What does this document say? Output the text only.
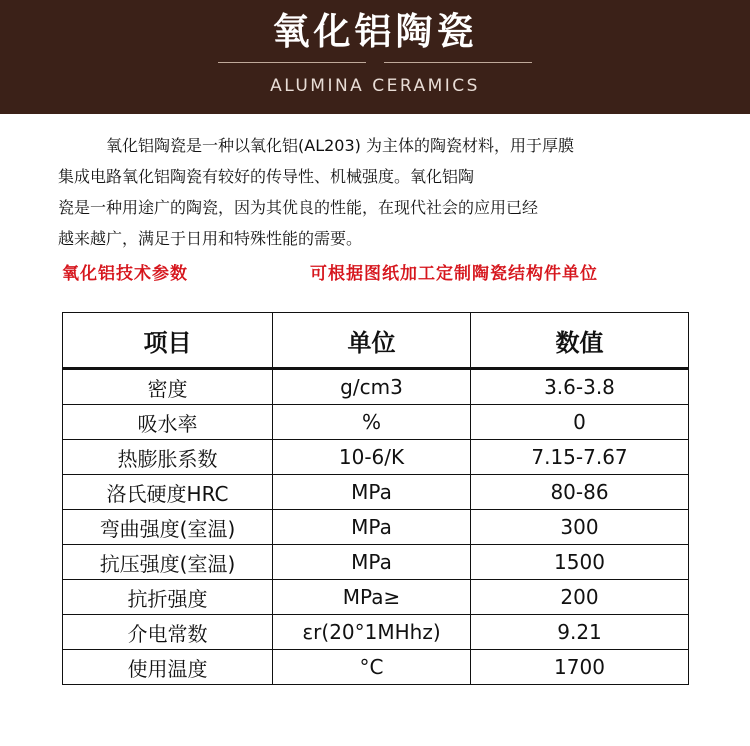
氧化铝陶瓷
ALUMINA CERAMICS

氧化铝陶瓷是一种以氧化铝(AL203) 为主体的陶瓷材料，用于厚膜

集成电路氧化铝陶瓷有较好的传导性、机械强度。氧化铝陶

瓷是一种用途广的陶瓷，因为其优良的性能，在现代社会的应用已经

越来越广，满足于日用和特殊性能的需要。

氧化铝技术参数	可根据图纸加工定制陶瓷结构件单位
项目	单位	数值
密度	g/cm3	3.6-3.8
吸水率	%	0
热膨胀系数	10-6/K	7.15-7.67
洛氏硬度HRC	MPa	80-86
弯曲强度(室温)	MPa	300
抗压强度(室温)	MPa	1500
抗折强度	MPa≥	200
介电常数	εr(20°1MHhz)	9.21
使用温度	°C	1700
